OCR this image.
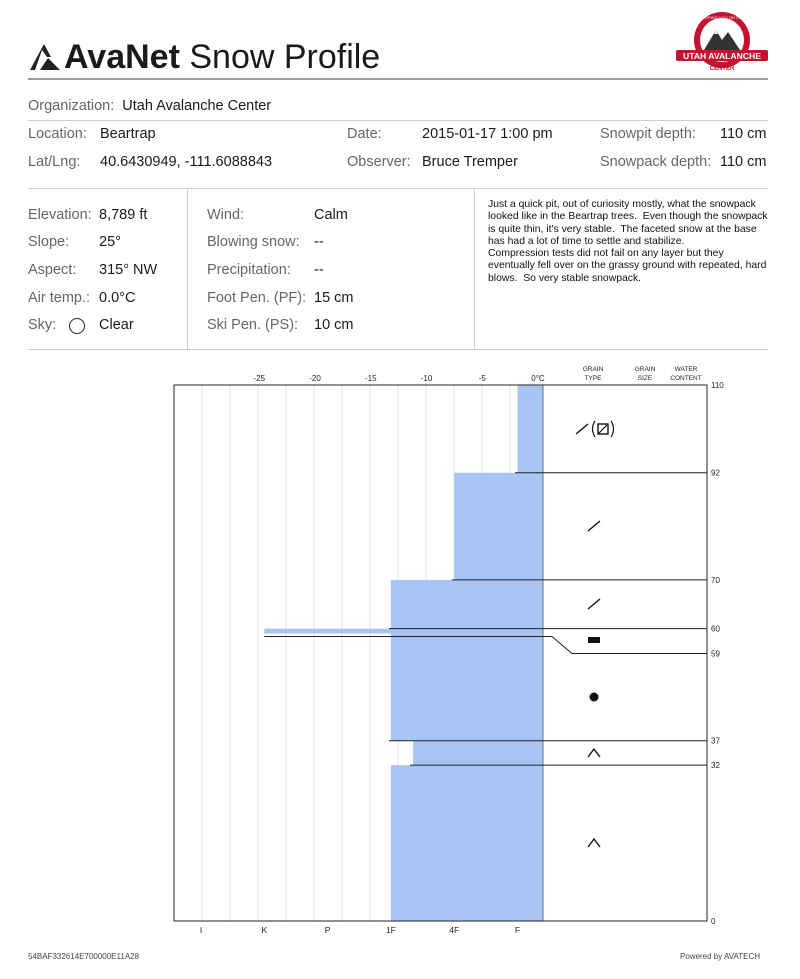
AvaNet Snow Profile	UTAH AVALANCHE
CENTER
KEEPING YOU ON TOP
Organization: Utah Avalanche Center
Location: Beartrap	Date:	2015-01-17 1:00 pm	Snowpit depth: 110 cm
Lat/Lng: 40.6430949, -111.6088843	Observer: Bruce Tremper	Snowpack depth: 110 cm
Elevation: 8,789 ft
Slope: 25°
Aspect: 315° NW
Air temp.: 0.0°C
Sky:	Clear
Wind:	Calm
Blowing snow: --
Precipitation: --
Foot Pen. (PF): 15 cm
Ski Pen. (PS): 10 cm
Just a quick pit, out of curiosity mostly, what the snowpack looked like in the Beartrap trees.  Even though the snowpack is quite thin, it's very stable.  The faceted snow at the base has had a lot of time to settle and stabilize.
Compression tests did not fail on any layer but they eventually fell over on the grassy ground with repeated, hard blows.  So very stable snowpack.
-25	-20	-15	-10	-5	0°C
I	K	P	1F	4F	F
GRAIN
TYPE
GRAIN
SIZE
WATER
CONTENT
110
92
70
60
59
37
32
0
54BAF332614E700000E11A28	Powered by AVATECH
